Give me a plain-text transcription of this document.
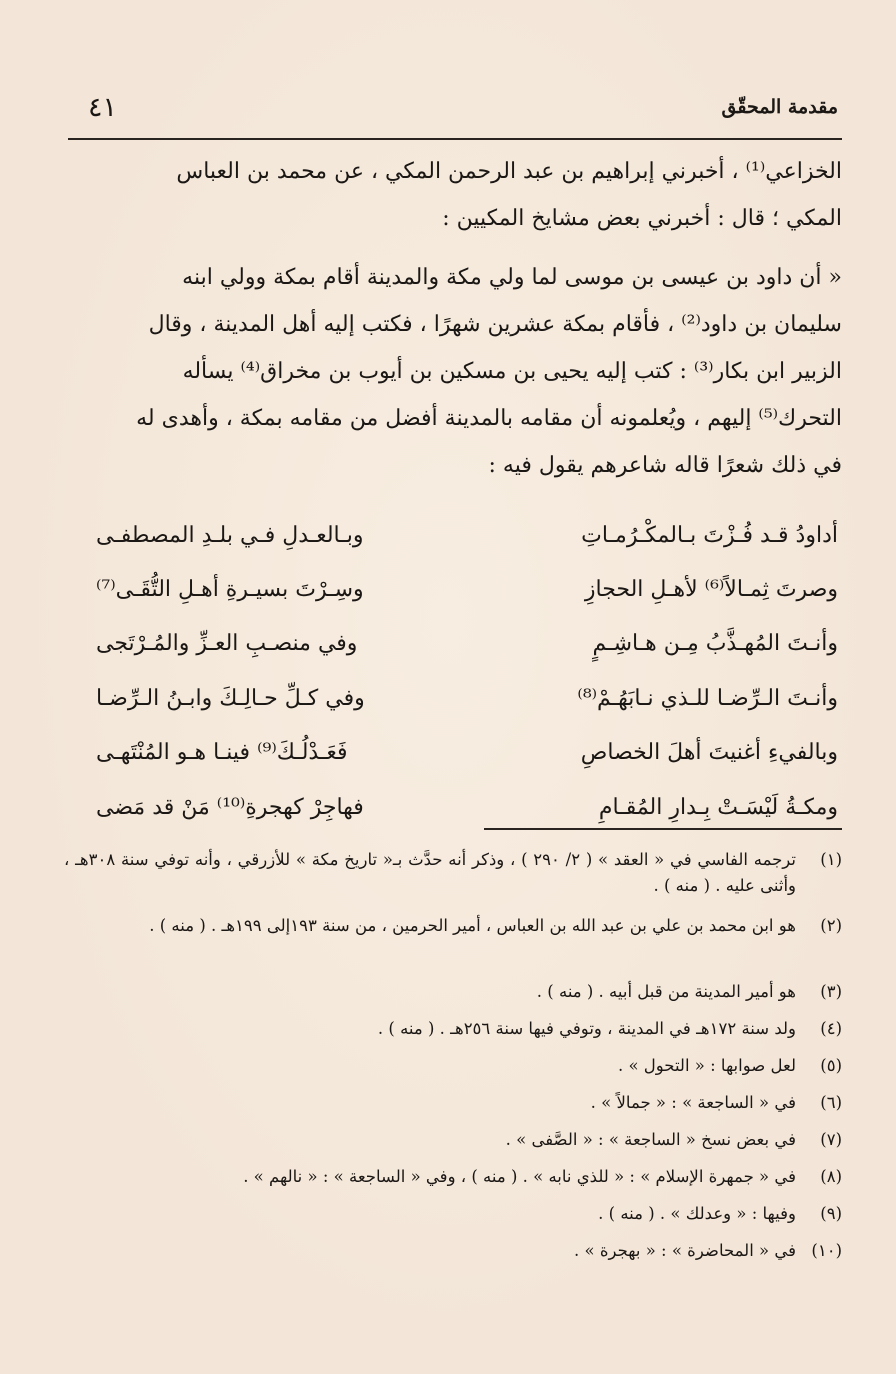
مقدمة المحقّق
٤١

الخزاعي⁽¹⁾ ، أخبرني إبراهيم بن عبد الرحمن المكي ، عن محمد بن العباس
المكي ؛ قال : أخبرني بعض مشايخ المكيين :

« أن داود بن عيسى بن موسى لما ولي مكة والمدينة أقام بمكة وولي ابنه
سليمان بن داود⁽²⁾ ، فأقام بمكة عشرين شهرًا ، فكتب إليه أهل المدينة ، وقال
الزبير ابن بكار⁽³⁾ : كتب إليه يحيى بن مسكين بن أيوب بن مخراق⁽⁴⁾ يسأله
التحرك⁽⁵⁾ إليهم ، ويُعلمونه أن مقامه بالمدينة أفضل من مقامه بمكة ، وأهدى له
في ذلك شعرًا قاله شاعرهم يقول فيه :

أداودُ قـد فُـزْتَ بـالمكْـرُمـاتِ
وبـالعـدلِ فـي بلـدِ المصطفـى
وصرتَ ثِمـالاً⁽⁶⁾ لأهـلِ الحجازِ
وسِـرْتَ بسيـرةِ أهـلِ التُّقَـى⁽⁷⁾
وأنـتَ المُهـذَّبُ مِـن هـاشِـمٍ
وفي منصـبِ العـزِّ والمُـرْتَجى
وأنـتَ الـرِّضـا للـذي نـابَهُـمْ⁽⁸⁾
وفي كـلِّ حـالِـكَ وابـنُ الـرِّضـا
وبالفيءِ أغنيتَ أهلَ الخصاصِ
فَعَـدْلُـكَ⁽⁹⁾ فينـا هـو المُنْتَهـى
ومكـةُ لَيْسَـتْ بِـدارِ المُقـامِ
فهاجِرْ كهجرةِ⁽¹⁰⁾ مَنْ قد مَضى
(١)
ترجمه الفاسي في « العقد » ( ٢/ ٢٩٠ ) ، وذكر أنه حدَّث بـ« تاريخ مكة » للأزرقي ، وأنه توفي سنة ٣٠٨هـ ، وأثنى عليه . ( منه ) .
(٢)
هو ابن محمد بن علي بن عبد الله بن العباس ، أمير الحرمين ، من سنة ١٩٣إلى ١٩٩هـ . ( منه ) .
(٣)
هو أمير المدينة من قبل أبيه . ( منه ) .
(٤)
ولد سنة ١٧٢هـ في المدينة ، وتوفي فيها سنة ٢٥٦هـ . ( منه ) .
(٥)
لعل صوابها : « التحول » .
(٦)
في « الساجعة » : « جمالاً » .
(٧)
في بعض نسخ « الساجعة » : « الصَّفى » .
(٨)
في « جمهرة الإسلام » : « للذي نابه » . ( منه ) ، وفي « الساجعة » : « نالهم » .
(٩)
وفيها : « وعدلك » . ( منه ) .
(١٠)
في « المحاضرة » : « بهجرة » .
